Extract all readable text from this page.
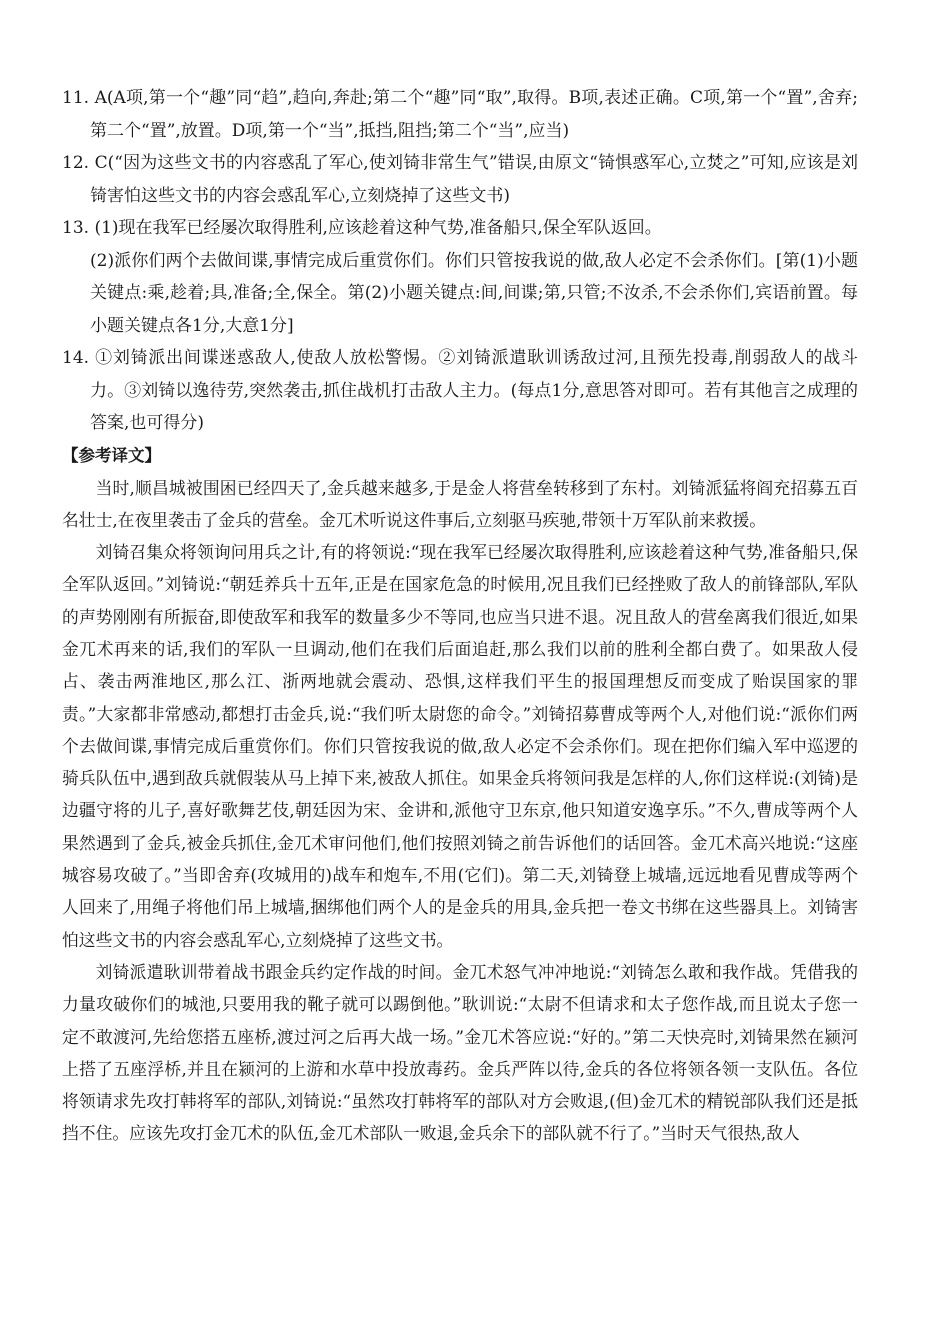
11. A(A项,第一个“趣”同“趋”,趋向,奔赴;第二个“趣”同“取”,取得。B项,表述正确。C项,第一个“置”,舍弃;第二个“置”,放置。D项,第一个“当”,抵挡,阻挡;第二个“当”,应当)

12. C(“因为这些文书的内容惑乱了军心,使刘锜非常生气”错误,由原文“锜惧惑军心,立焚之”可知,应该是刘锜害怕这些文书的内容会惑乱军心,立刻烧掉了这些文书)

13. (1)现在我军已经屡次取得胜利,应该趁着这种气势,准备船只,保全军队返回。

(2)派你们两个去做间谍,事情完成后重赏你们。你们只管按我说的做,敌人必定不会杀你们。[第(1)小题关键点:乘,趁着;具,准备;全,保全。第(2)小题关键点:间,间谍;第,只管;不汝杀,不会杀你们,宾语前置。每小题关键点各1分,大意1分]

14. ①刘锜派出间谍迷惑敌人,使敌人放松警惕。②刘锜派遣耿训诱敌过河,且预先投毒,削弱敌人的战斗力。③刘锜以逸待劳,突然袭击,抓住战机打击敌人主力。(每点1分,意思答对即可。若有其他言之成理的答案,也可得分)

【参考译文】

当时,顺昌城被围困已经四天了,金兵越来越多,于是金人将营垒转移到了东村。刘锜派猛将阎充招募五百名壮士,在夜里袭击了金兵的营垒。金兀术听说这件事后,立刻驱马疾驰,带领十万军队前来救援。

刘锜召集众将领询问用兵之计,有的将领说:“现在我军已经屡次取得胜利,应该趁着这种气势,准备船只,保全军队返回。”刘锜说:“朝廷养兵十五年,正是在国家危急的时候用,况且我们已经挫败了敌人的前锋部队,军队的声势刚刚有所振奋,即使敌军和我军的数量多少不等同,也应当只进不退。况且敌人的营垒离我们很近,如果金兀术再来的话,我们的军队一旦调动,他们在我们后面追赶,那么我们以前的胜利全都白费了。如果敌人侵占、袭击两淮地区,那么江、浙两地就会震动、恐惧,这样我们平生的报国理想反而变成了贻误国家的罪责。”大家都非常感动,都想打击金兵,说:“我们听太尉您的命令。”刘锜招募曹成等两个人,对他们说:“派你们两个去做间谍,事情完成后重赏你们。你们只管按我说的做,敌人必定不会杀你们。现在把你们编入军中巡逻的骑兵队伍中,遇到敌兵就假装从马上掉下来,被敌人抓住。如果金兵将领问我是怎样的人,你们这样说:(刘锜)是边疆守将的儿子,喜好歌舞艺伎,朝廷因为宋、金讲和,派他守卫东京,他只知道安逸享乐。”不久,曹成等两个人果然遇到了金兵,被金兵抓住,金兀术审问他们,他们按照刘锜之前告诉他们的话回答。金兀术高兴地说:“这座城容易攻破了。”当即舍弃(攻城用的)战车和炮车,不用(它们)。第二天,刘锜登上城墙,远远地看见曹成等两个人回来了,用绳子将他们吊上城墙,捆绑他们两个人的是金兵的用具,金兵把一卷文书绑在这些器具上。刘锜害怕这些文书的内容会惑乱军心,立刻烧掉了这些文书。

刘锜派遣耿训带着战书跟金兵约定作战的时间。金兀术怒气冲冲地说:“刘锜怎么敢和我作战。凭借我的力量攻破你们的城池,只要用我的靴子就可以踢倒他。”耿训说:“太尉不但请求和太子您作战,而且说太子您一定不敢渡河,先给您搭五座桥,渡过河之后再大战一场。”金兀术答应说:“好的。”第二天快亮时,刘锜果然在颍河上搭了五座浮桥,并且在颍河的上游和水草中投放毒药。金兵严阵以待,金兵的各位将领各领一支队伍。各位将领请求先攻打韩将军的部队,刘锜说:“虽然攻打韩将军的部队对方会败退,(但)金兀术的精锐部队我们还是抵挡不住。应该先攻打金兀术的队伍,金兀术部队一败退,金兵余下的部队就不行了。”当时天气很热,敌人
